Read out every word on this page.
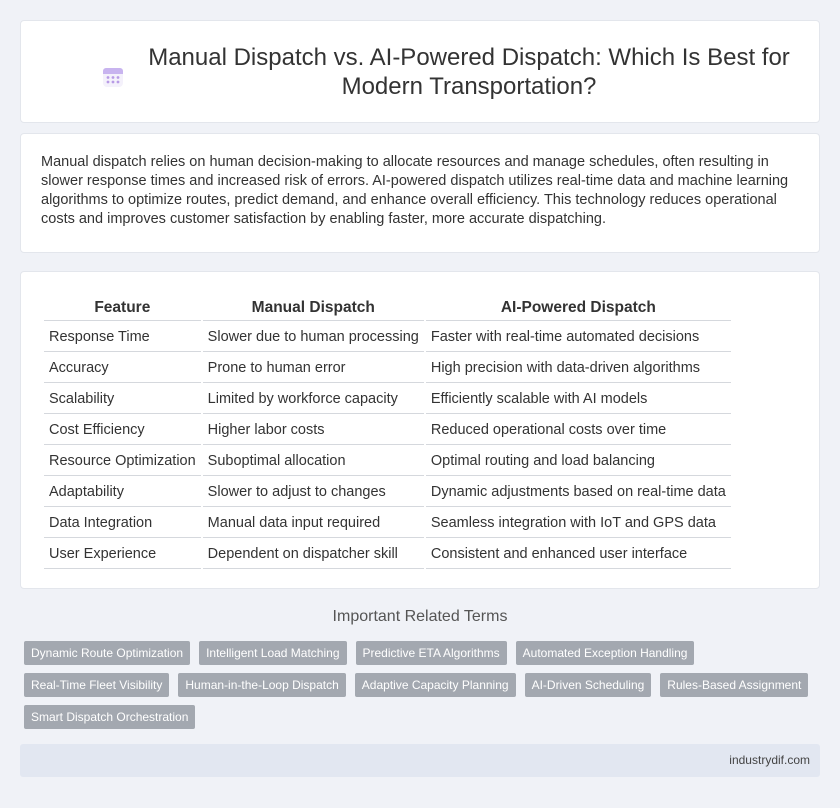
Manual Dispatch vs. AI-Powered Dispatch: Which Is Best for Modern Transportation?

Manual dispatch relies on human decision-making to allocate resources and manage schedules, often resulting in slower response times and increased risk of errors. AI-powered dispatch utilizes real-time data and machine learning algorithms to optimize routes, predict demand, and enhance overall efficiency. This technology reduces operational costs and improves customer satisfaction by enabling faster, more accurate dispatching.

Feature	Manual Dispatch	AI-Powered Dispatch
Response Time	Slower due to human processing	Faster with real-time automated decisions
Accuracy	Prone to human error	High precision with data-driven algorithms
Scalability	Limited by workforce capacity	Efficiently scalable with AI models
Cost Efficiency	Higher labor costs	Reduced operational costs over time
Resource Optimization	Suboptimal allocation	Optimal routing and load balancing
Adaptability	Slower to adjust to changes	Dynamic adjustments based on real-time data
Data Integration	Manual data input required	Seamless integration with IoT and GPS data
User Experience	Dependent on dispatcher skill	Consistent and enhanced user interface
Important Related Terms
Dynamic Route Optimization	Intelligent Load Matching	Predictive ETA Algorithms	Automated Exception Handling
Real-Time Fleet Visibility	Human-in-the-Loop Dispatch	Adaptive Capacity Planning	AI-Driven Scheduling	Rules-Based Assignment
Smart Dispatch Orchestration
industrydif.com
